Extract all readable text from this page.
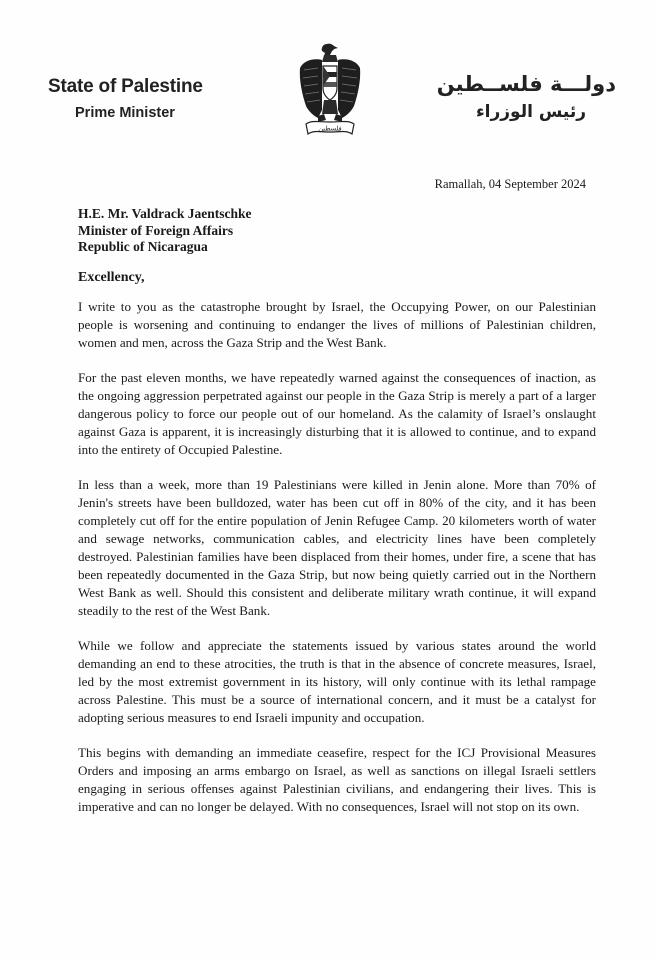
State of Palestine
Prime Minister
فلسطين
دولـــة فلســطين
رئيس الوزراء
Ramallah, 04 September 2024
H.E. Mr. Valdrack Jaentschke
Minister of Foreign Affairs
Republic of Nicaragua
Excellency,

I write to you as the catastrophe brought by Israel, the Occupying Power, on our Palestinian people is worsening and continuing to endanger the lives of millions of Palestinian children, women and men, across the Gaza Strip and the West Bank.

For the past eleven months, we have repeatedly warned against the consequences of inaction, as the ongoing aggression perpetrated against our people in the Gaza Strip is merely a part of a larger dangerous policy to force our people out of our homeland. As the calamity of Israel’s onslaught against Gaza is apparent, it is increasingly disturbing that it is allowed to continue, and to expand into the entirety of Occupied Palestine.

In less than a week, more than 19 Palestinians were killed in Jenin alone. More than 70% of Jenin's streets have been bulldozed, water has been cut off in 80% of the city, and it has been completely cut off for the entire population of Jenin Refugee Camp. 20 kilometers worth of water and sewage networks, communication cables, and electricity lines have been completely destroyed. Palestinian families have been displaced from their homes, under fire, a scene that has been repeatedly documented in the Gaza Strip, but now being quietly carried out in the Northern West Bank as well. Should this consistent and deliberate military wrath continue, it will expand steadily to the rest of the West Bank.

While we follow and appreciate the statements issued by various states around the world demanding an end to these atrocities, the truth is that in the absence of concrete measures, Israel, led by the most extremist government in its history, will only continue with its lethal rampage across Palestine. This must be a source of international concern, and it must be a catalyst for adopting serious measures to end Israeli impunity and occupation.

This begins with demanding an immediate ceasefire, respect for the ICJ Provisional Measures Orders and imposing an arms embargo on Israel, as well as sanctions on illegal Israeli settlers engaging in serious offenses against Palestinian civilians, and endangering their lives. This is imperative and can no longer be delayed. With no consequences, Israel will not stop on its own.
